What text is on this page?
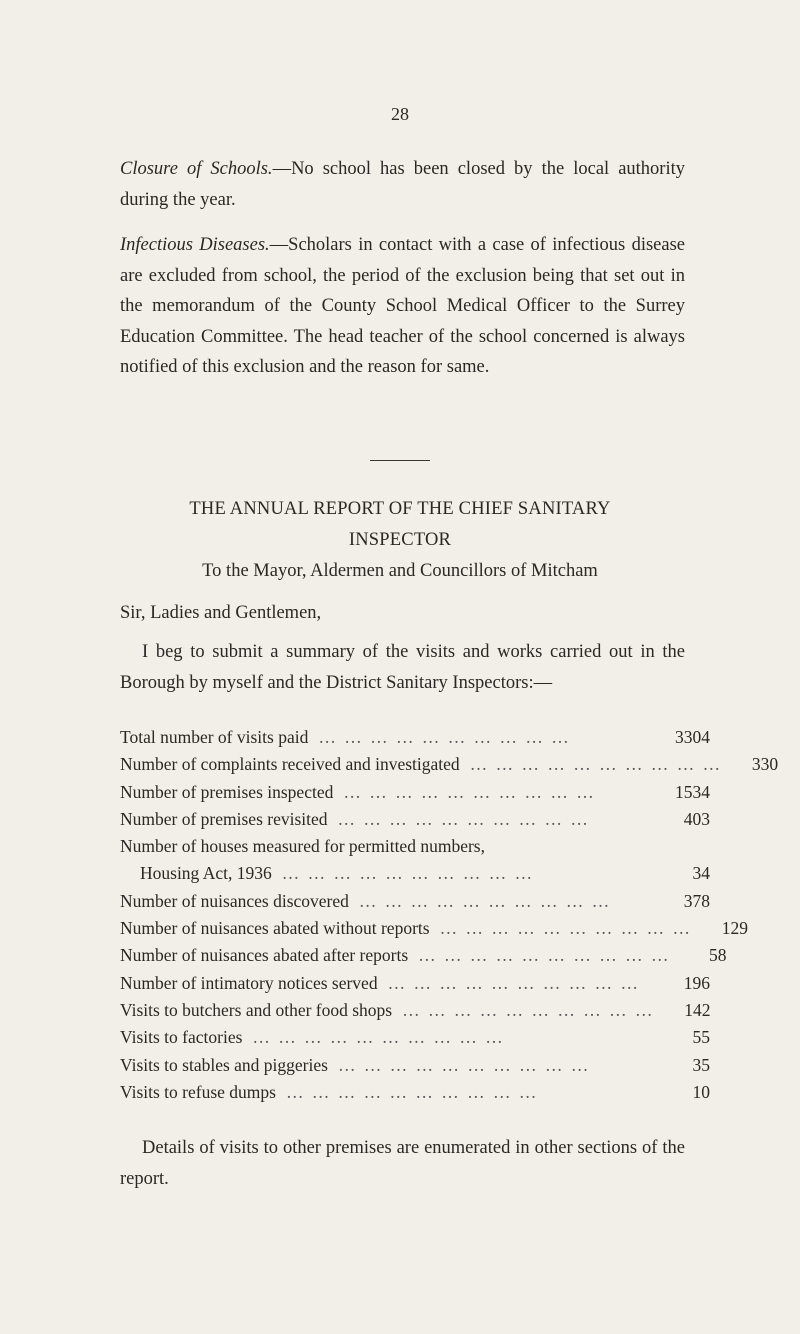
28

Closure of Schools.—No school has been closed by the local authority during the year.

Infectious Diseases.—Scholars in contact with a case of infectious disease are excluded from school, the period of the exclusion being that set out in the memorandum of the County School Medical Officer to the Surrey Education Committee. The head teacher of the school concerned is always notified of this exclusion and the reason for same.

THE ANNUAL REPORT OF THE CHIEF SANITARY
INSPECTOR
To the Mayor, Aldermen and Councillors of Mitcham
Sir, Ladies and Gentlemen,

I beg to submit a summary of the visits and works carried out in the Borough by myself and the District Sanitary Inspectors:—

Total number of visits paid … … … … … … … … … …	3304
Number of complaints received and investigated … … … … … … … … … …	330
Number of premises inspected … … … … … … … … … …	1534
Number of premises revisited … … … … … … … … … …	403
Number of houses measured for permitted numbers,
Housing Act, 1936 … … … … … … … … … …	34
Number of nuisances discovered … … … … … … … … … …	378
Number of nuisances abated without reports … … … … … … … … … …	129
Number of nuisances abated after reports … … … … … … … … … …	58
Number of intimatory notices served … … … … … … … … … …	196
Visits to butchers and other food shops … … … … … … … … … …	142
Visits to factories … … … … … … … … … …	55
Visits to stables and piggeries … … … … … … … … … …	35
Visits to refuse dumps … … … … … … … … … …	10

Details of visits to other premises are enumerated in other sections of the report.
